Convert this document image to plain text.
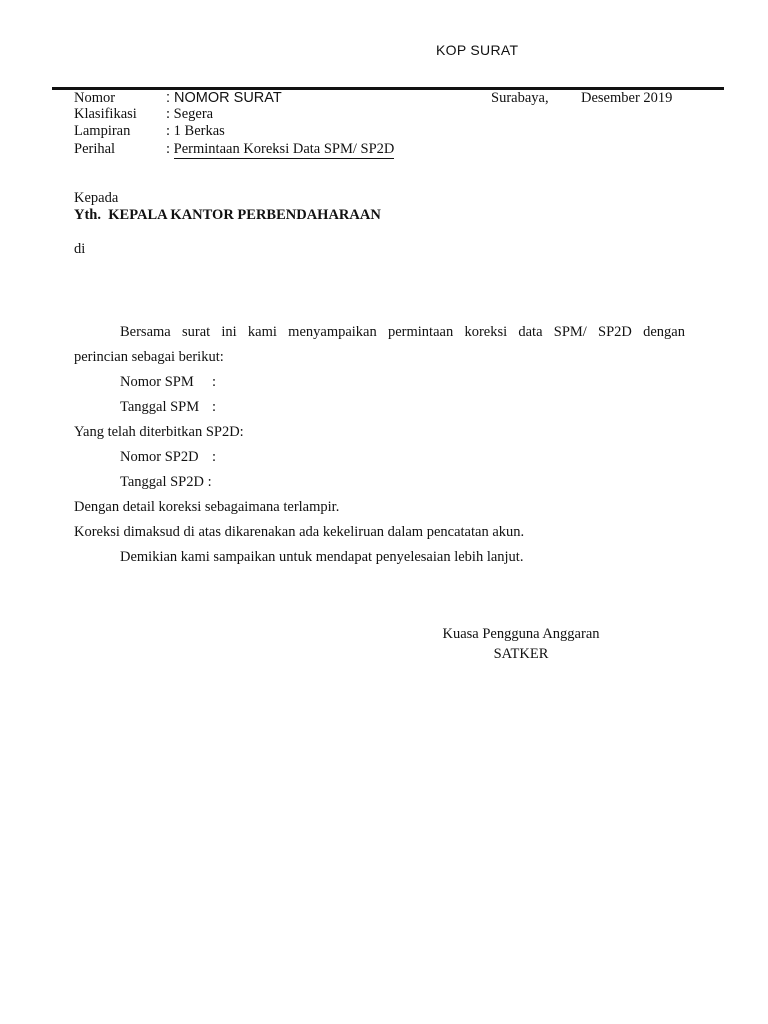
KOP SURAT
Nomor	: NOMOR SURAT
Klasifikasi : Segera
Lampiran : 1 Berkas
Perihal	: Permintaan Koreksi Data SPM/ SP2D
Surabaya, Desember 2019
Kepada
Yth.  KEPALA KANTOR PERBENDAHARAAN
di

Bersama surat ini kami menyampaikan permintaan koreksi data SPM/ SP2D dengan

perincian sebagai berikut:

Nomor SPM :

Tanggal SPM :

Yang telah diterbitkan SP2D:

Nomor SP2D :

Tanggal SP2D :

Dengan detail koreksi sebagaimana terlampir.

Koreksi dimaksud di atas dikarenakan ada kekeliruan dalam pencatatan akun.

Demikian kami sampaikan untuk mendapat penyelesaian lebih lanjut.

Kuasa Pengguna Anggaran
SATKER
